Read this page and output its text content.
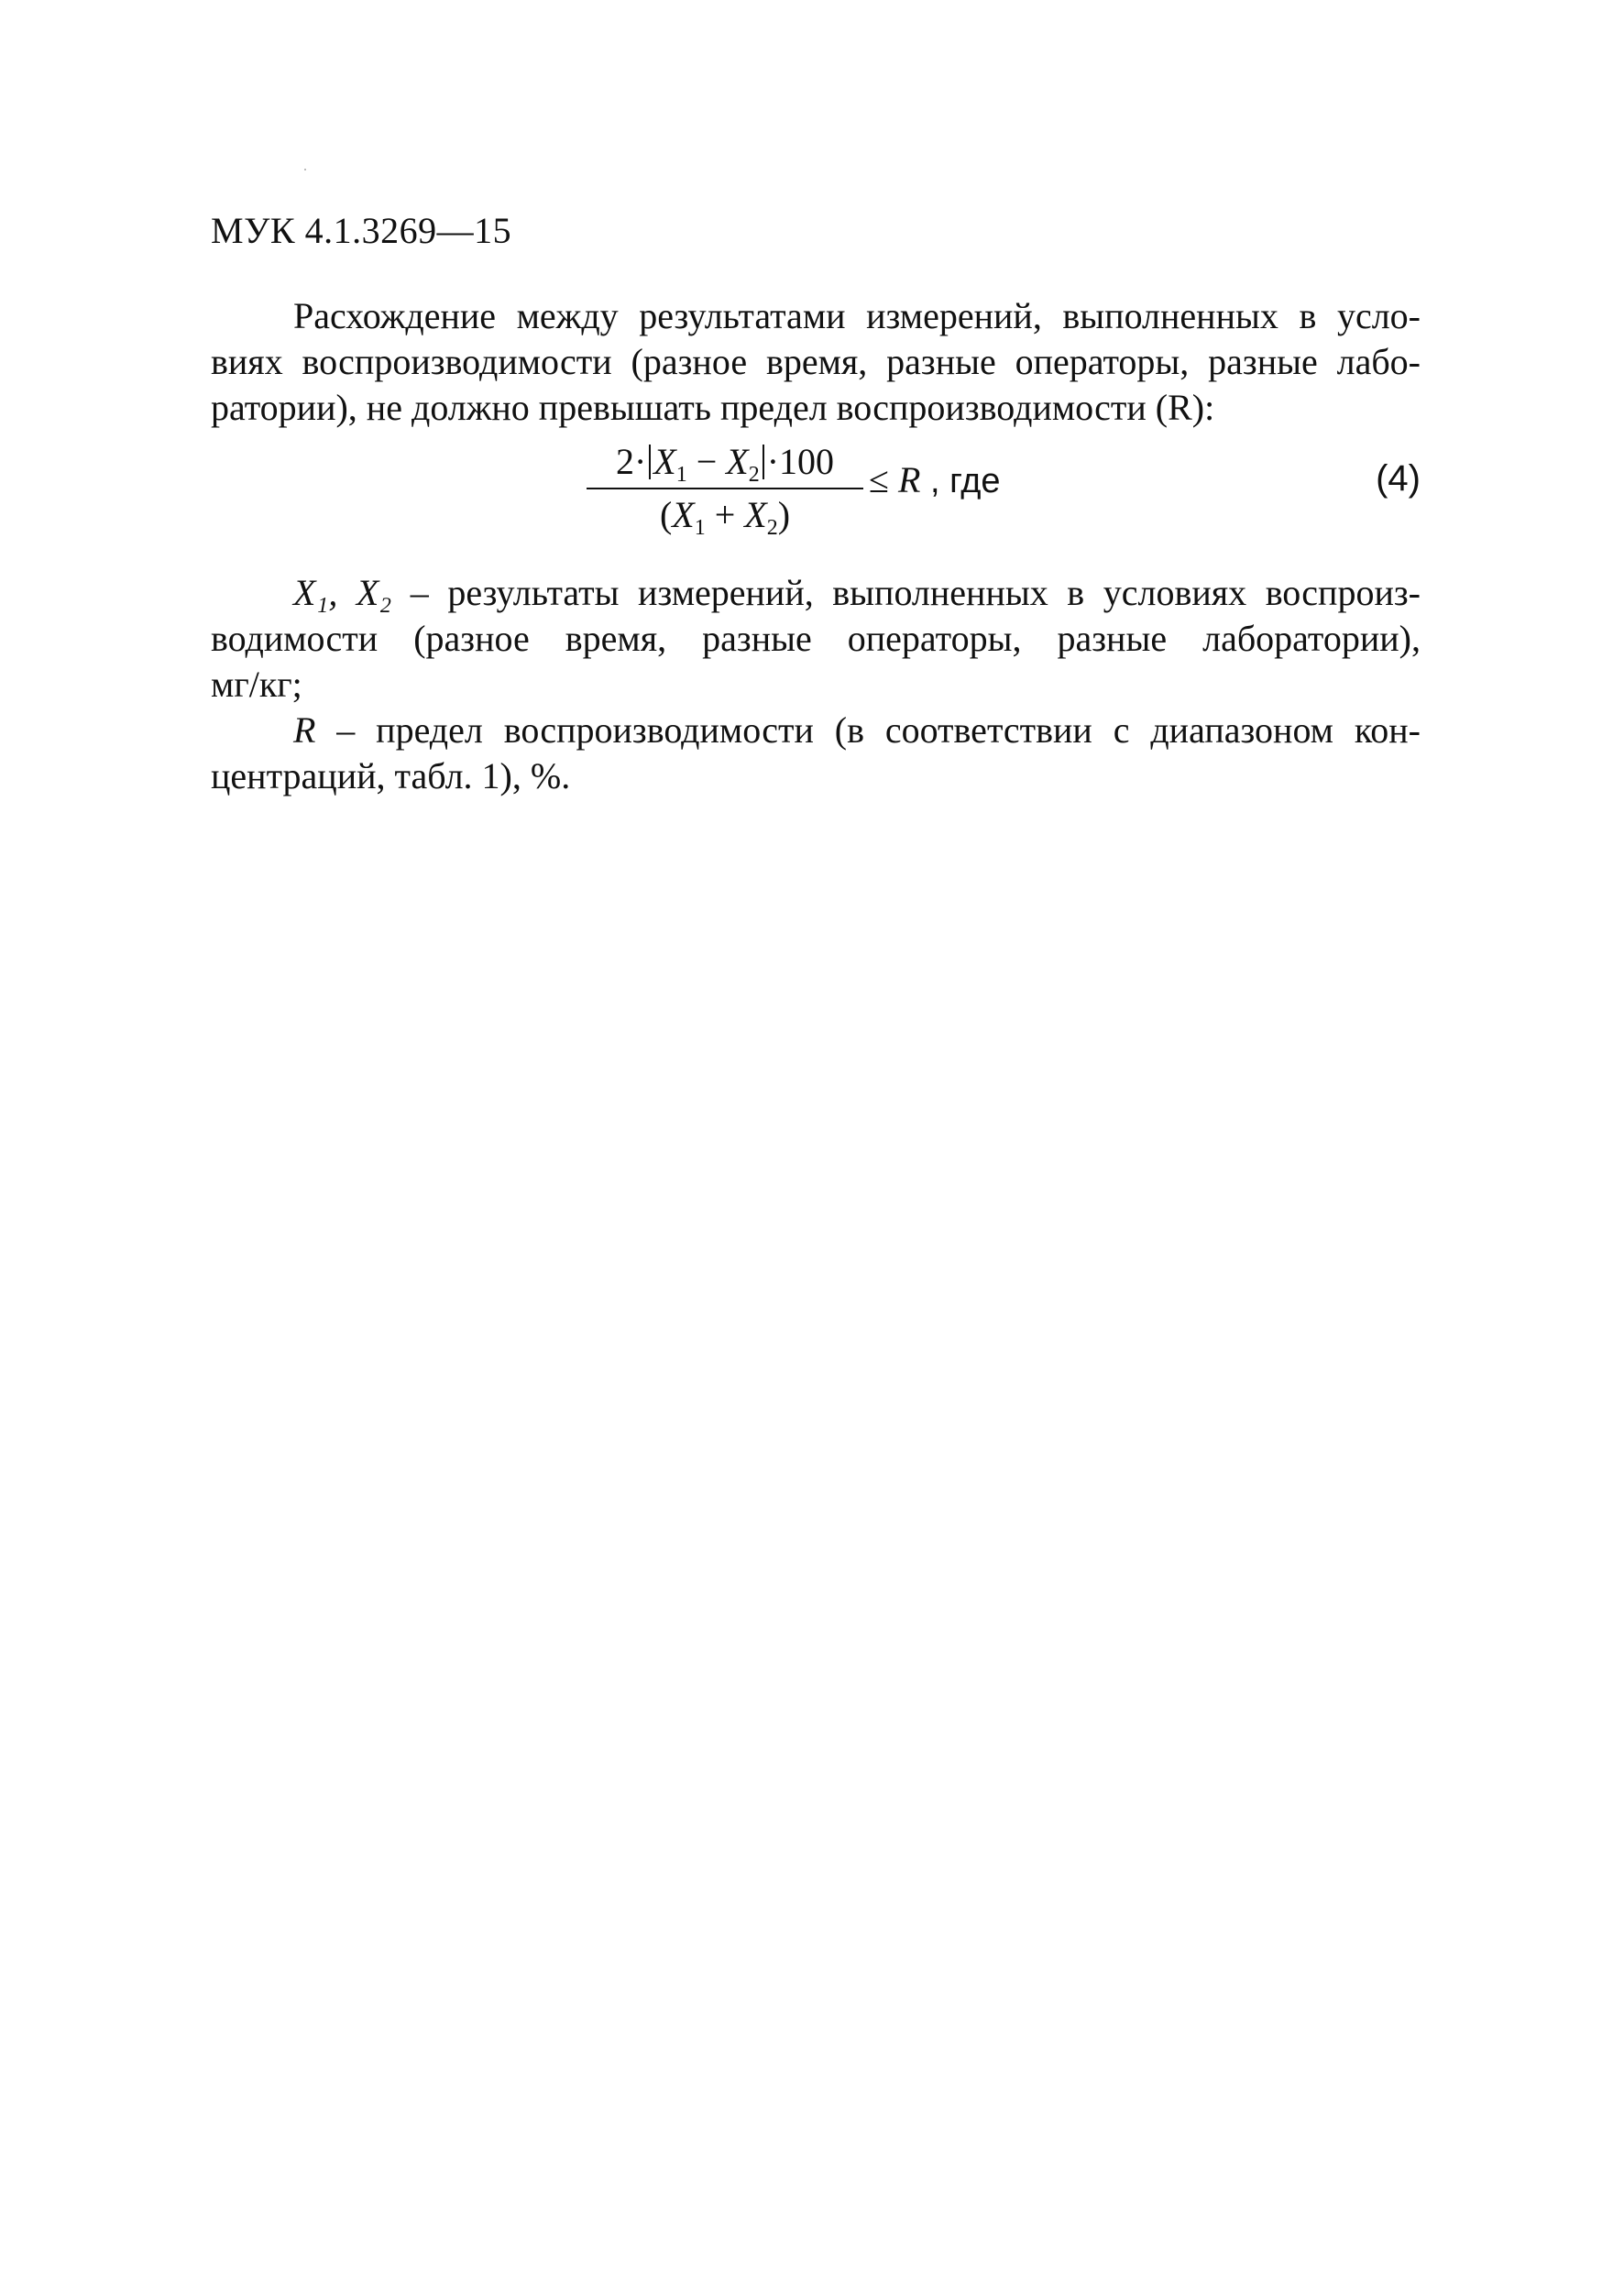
МУК 4.1.3269—15
Расхождение между результатами измерений, выполненных в усло-
виях воспроизводимости (разное время, разные операторы, разные лабо-
ратории), не должно превышать предел воспроизводимости (R):
$2\cdot X_1 - X_2 \cdot 100$
$(X_1 + X_2)$
≤ R , где	(4)
X₁, X₂ – результаты измерений, выполненных в условиях воспроиз-
водимости (разное время, разные операторы, разные лаборатории),
мг/кг;
R – предел воспроизводимости (в соответствии с диапазоном кон-
центраций, табл. 1), %.
